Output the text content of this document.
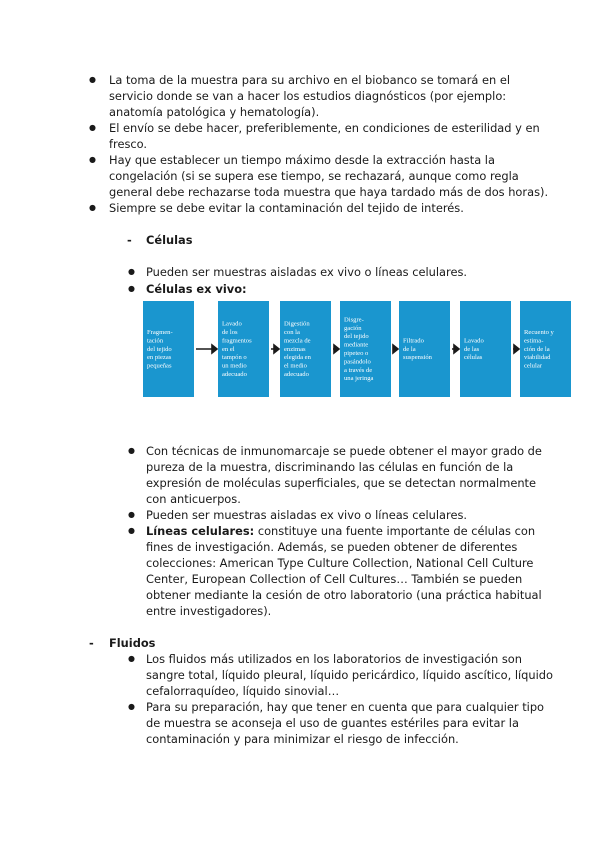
● La toma de la muestra para su archivo en el biobanco se tomará en el
servicio donde se van a hacer los estudios diagnósticos (por ejemplo:
anatomía patológica y hematología).
● El envío se debe hacer, preferiblemente, en condiciones de esterilidad y en
fresco.
● Hay que establecer un tiempo máximo desde la extracción hasta la
congelación (si se supera ese tiempo, se rechazará, aunque como regla
general debe rechazarse toda muestra que haya tardado más de dos horas).
● Siempre se debe evitar la contaminación del tejido de interés.
- Células
● Pueden ser muestras aisladas ex vivo o líneas celulares.
● Células ex vivo:
Fragmen-
tación
del tejido
en piezas
pequeñas
Lavado
de los
fragmentos
en el
tampón o
un medio
adecuado
Digestión
con la
mezcla de
enzimas
elegida en
el medio
adecuado
Disgre-
gación
del tejido
mediante
pipeteo o
pasándolo
a través de
una jeringa
Filtrado
de la
suspensión
Lavado
de las
células
Recuento y
estima-
ción de la
viabilidad
celular
● Con técnicas de inmunomarcaje se puede obtener el mayor grado de
pureza de la muestra, discriminando las células en función de la
expresión de moléculas superficiales, que se detectan normalmente
con anticuerpos.
● Pueden ser muestras aisladas ex vivo o líneas celulares.
● Líneas celulares: constituye una fuente importante de células con
fines de investigación. Además, se pueden obtener de diferentes
colecciones: American Type Culture Collection, National Cell Culture
Center, European Collection of Cell Cultures… También se pueden
obtener mediante la cesión de otro laboratorio (una práctica habitual
entre investigadores).
- Fluidos
● Los fluidos más utilizados en los laboratorios de investigación son
sangre total, líquido pleural, líquido pericárdico, líquido ascítico, líquido
cefalorraquídeo, líquido sinovial…
● Para su preparación, hay que tener en cuenta que para cualquier tipo
de muestra se aconseja el uso de guantes estériles para evitar la
contaminación y para minimizar el riesgo de infección.
